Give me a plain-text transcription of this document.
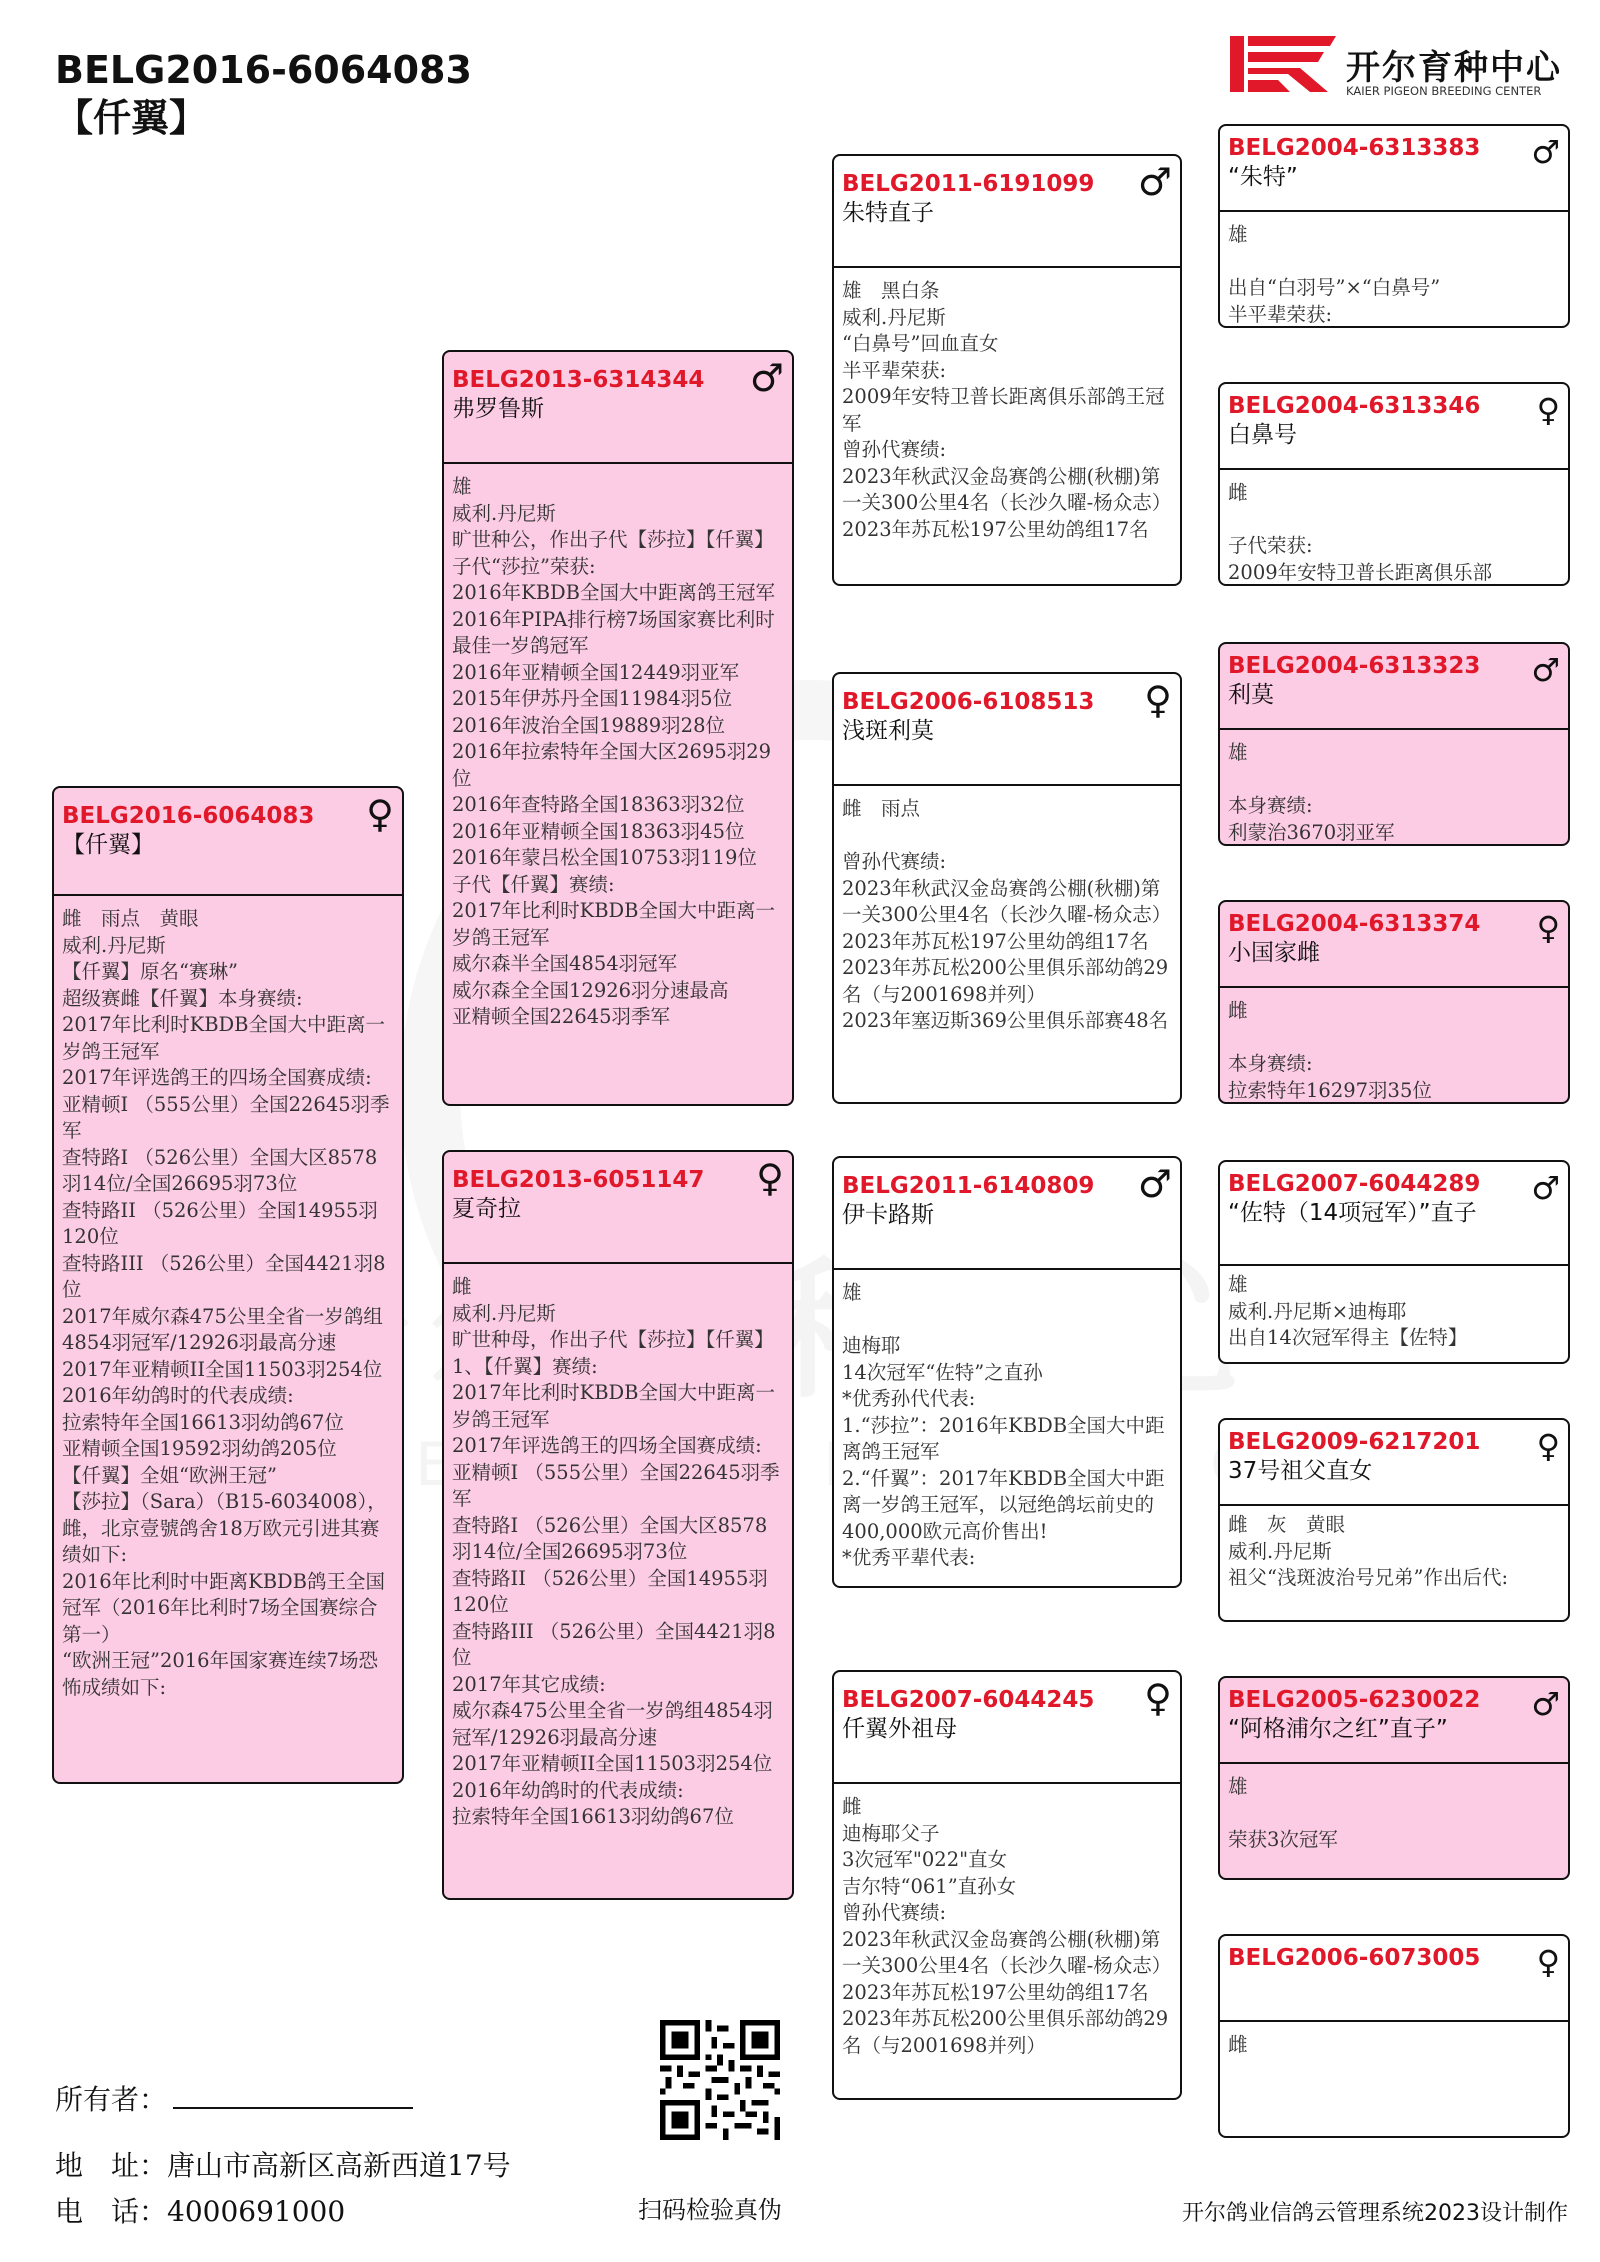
BELG2016-6064083
【仟翼】
开尔育种中心
KAIER PIGEON BREEDING CENTER
BELG2016-6064083
【仟翼】
♀
雌　雨点　黄眼
威利.丹尼斯
【仟翼】原名“赛琳”
超级赛雌【仟翼】本身赛绩:
2017年比利时KBDB全国大中距离一岁鸽王冠军
2017年评选鸽王的四场全国赛成绩:
亚精顿I （555公里）全国22645羽季军
查特路I （526公里）全国大区8578羽14位/全国26695羽73位
查特路II （526公里）全国14955羽120位
查特路III （526公里）全国4421羽8位
2017年威尔森475公里全省一岁鸽组4854羽冠军/12926羽最高分速
2017年亚精顿II全国11503羽254位
2016年幼鸽时的代表成绩:
拉索特年全国16613羽幼鸽67位
亚精顿全国19592羽幼鸽205位
【仟翼】全姐“欧洲王冠”
【莎拉】（Sara）（B15-6034008），雌，北京壹號鸽舍18万欧元引进其赛绩如下:
2016年比利时中距离KBDB鸽王全国冠军（2016年比利时7场全国赛综合第一）
“欧洲王冠”2016年国家赛连续7场恐怖成绩如下:
BELG2013-6314344
弗罗鲁斯
♂
雄
威利.丹尼斯
旷世种公，作出子代【莎拉】【仟翼】
子代“莎拉”荣获:
2016年KBDB全国大中距离鸽王冠军
2016年PIPA排行榜7场国家赛比利时最佳一岁鸽冠军
2016年亚精顿全国12449羽亚军
2015年伊苏丹全国11984羽5位
2016年波治全国19889羽28位
2016年拉索特年全国大区2695羽29位
2016年查特路全国18363羽32位
2016年亚精顿全国18363羽45位
2016年蒙吕松全国10753羽119位
子代【仟翼】赛绩:
2017年比利时KBDB全国大中距离一岁鸽王冠军
威尔森半全国4854羽冠军
威尔森全全国12926羽分速最高
亚精顿全国22645羽季军
BELG2013-6051147
夏奇拉
♀
雌
威利.丹尼斯
旷世种母，作出子代【莎拉】【仟翼】
1、【仟翼】赛绩:
2017年比利时KBDB全国大中距离一岁鸽王冠军
2017年评选鸽王的四场全国赛成绩:
亚精顿I （555公里）全国22645羽季军
查特路I （526公里）全国大区8578羽14位/全国26695羽73位
查特路II （526公里）全国14955羽120位
查特路III （526公里）全国4421羽8位
2017年其它成绩:
威尔森475公里全省一岁鸽组4854羽冠军/12926羽最高分速
2017年亚精顿II全国11503羽254位
2016年幼鸽时的代表成绩:
拉索特年全国16613羽幼鸽67位
BELG2011-6191099
朱特直子
♂
雄　黑白条
威利.丹尼斯
“白鼻号”回血直女
半平辈荣获:
2009年安特卫普长距离俱乐部鸽王冠军
曾孙代赛绩:
2023年秋武汉金岛赛鸽公棚(秋棚)第一关300公里4名（长沙久曜-杨众志）
2023年苏瓦松197公里幼鸽组17名
BELG2006-6108513
浅斑利莫
♀
雌　雨点

曾孙代赛绩:
2023年秋武汉金岛赛鸽公棚(秋棚)第一关300公里4名（长沙久曜-杨众志）
2023年苏瓦松197公里幼鸽组17名
2023年苏瓦松200公里俱乐部幼鸽29名（与2001698并列）
2023年塞迈斯369公里俱乐部赛48名
BELG2011-6140809
伊卡路斯
♂
雄

迪梅耶
14次冠军“佐特”之直孙
*优秀孙代代表:
1.“莎拉”：2016年KBDB全国大中距离鸽王冠军
2.“仟翼”：2017年KBDB全国大中距离一岁鸽王冠军，以冠绝鸽坛前史的400,000欧元高价售出!
*优秀平辈代表:
BELG2007-6044245
仟翼外祖母
♀
雌
迪梅耶父子
3次冠军"022"直女
吉尔特“061”直孙女
曾孙代赛绩:
2023年秋武汉金岛赛鸽公棚(秋棚)第一关300公里4名（长沙久曜-杨众志）
2023年苏瓦松197公里幼鸽组17名
2023年苏瓦松200公里俱乐部幼鸽29名（与2001698并列）
BELG2004-6313383
“朱特”
♂
雄

出自“白羽号”×“白鼻号”
半平辈荣获:
BELG2004-6313346
白鼻号
♀
雌

子代荣获:
2009年安特卫普长距离俱乐部
BELG2004-6313323
利莫
♂
雄

本身赛绩:
利蒙治3670羽亚军
BELG2004-6313374
小国家雌
♀
雌

本身赛绩:
拉索特年16297羽35位
BELG2007-6044289
“佐特（14项冠军）”直子
♂
雄
威利.丹尼斯×迪梅耶
出自14次冠军得主【佐特】
BELG2009-6217201
37号祖父直女
♀
雌　灰　黄眼
威利.丹尼斯
祖父“浅斑波治号兄弟”作出后代:
BELG2005-6230022
“阿格浦尔之红”直子”
♂
雄

荣获3次冠军
BELG2006-6073005	♀
雌
所有者：
地　址：唐山市高新区高新西道17号
电　话：4000691000	扫码检验真伪	开尔鸽业信鸽云管理系统2023设计制作
